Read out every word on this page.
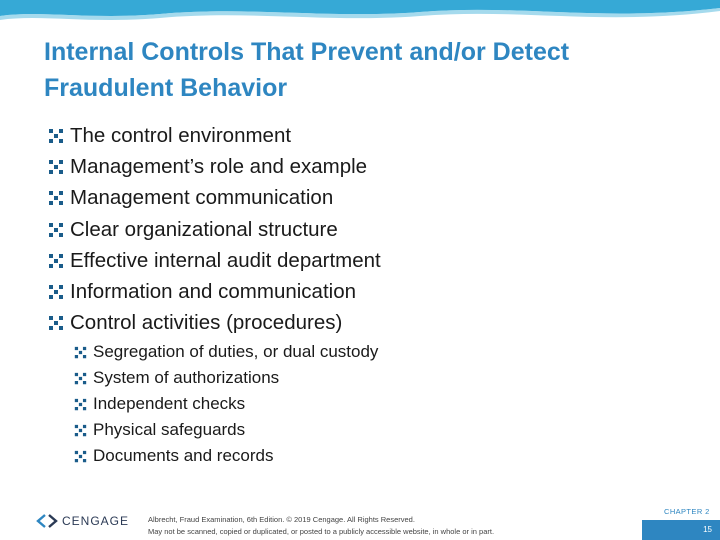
Internal Controls That Prevent and/or Detect Fraudulent Behavior
The control environment
Management’s role and example
Management communication
Clear organizational structure
Effective internal audit department
Information and communication
Control activities (procedures)
Segregation of duties, or dual custody
System of authorizations
Independent checks
Physical safeguards
Documents and records
CENGAGE	Albrecht, Fraud Examination, 6th Edition. © 2019 Cengage. All Rights Reserved.
May not be scanned, copied or duplicated, or posted to a publicly accessible website, in whole or in part.
CHAPTER 2
15
